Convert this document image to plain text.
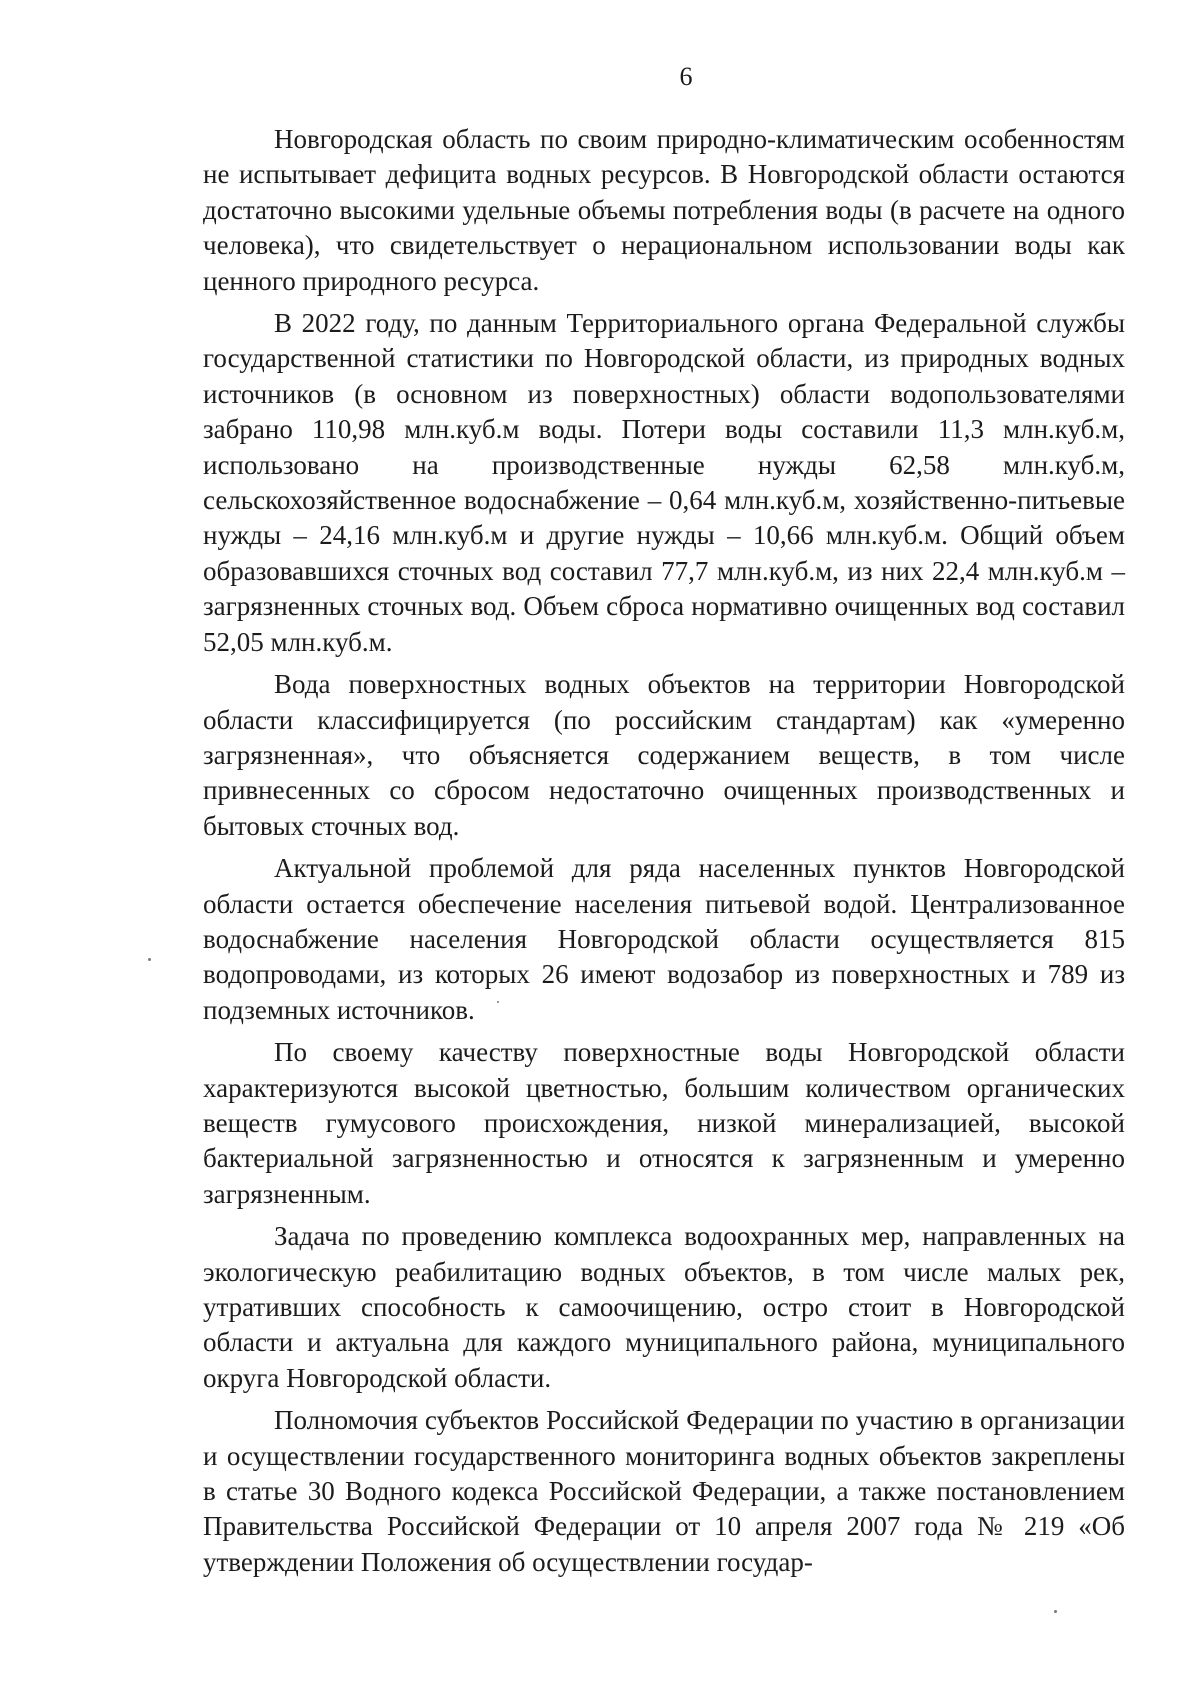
6

Новгородская область по своим природно-климатическим особенностям не испытывает дефицита водных ресурсов. В Новгородской области остаются достаточно высокими удельные объемы потребления воды (в расчете на одного человека), что свидетельствует о нерациональном использовании воды как ценного природного ресурса.

В 2022 году, по данным Территориального органа Федеральной службы государственной статистики по Новгородской области, из природных водных источников (в основном из поверхностных) области водопользователями забрано 110,98 млн.куб.м воды. Потери воды составили 11,3 млн.куб.м, использовано на производственные нужды 62,58 млн.куб.м, сельскохозяйственное водоснабжение – 0,64 млн.куб.м, хозяйственно-питьевые нужды – 24,16 млн.куб.м и другие нужды – 10,66 млн.куб.м. Общий объем образовавшихся сточных вод составил 77,7 млн.куб.м, из них 22,4 млн.куб.м – загрязненных сточных вод. Объем сброса нормативно очищенных вод составил 52,05 млн.куб.м.

Вода поверхностных водных объектов на территории Новгородской области классифицируется (по российским стандартам) как «умеренно загрязненная», что объясняется содержанием веществ, в том числе привнесенных со сбросом недостаточно очищенных производственных и бытовых сточных вод.

Актуальной проблемой для ряда населенных пунктов Новгородской области остается обеспечение населения питьевой водой. Централизованное водоснабжение населения Новгородской области осуществляется 815 водопроводами, из которых 26 имеют водозабор из поверхностных и 789 из подземных источников.

По своему качеству поверхностные воды Новгородской области характеризуются высокой цветностью, большим количеством органических веществ гумусового происхождения, низкой минерализацией, высокой бактериальной загрязненностью и относятся к загрязненным и умеренно загрязненным.

Задача по проведению комплекса водоохранных мер, направленных на экологическую реабилитацию водных объектов, в том числе малых рек, утративших способность к самоочищению, остро стоит в Новгородской области и актуальна для каждого муниципального района, муниципального округа Новгородской области.

Полномочия субъектов Российской Федерации по участию в организации и осуществлении государственного мониторинга водных объектов закреплены в статье 30 Водного кодекса Российской Федерации, а также постановлением Правительства Российской Федерации от 10 апреля 2007 года № 219 «Об утверждении Положения об осуществлении государ-
